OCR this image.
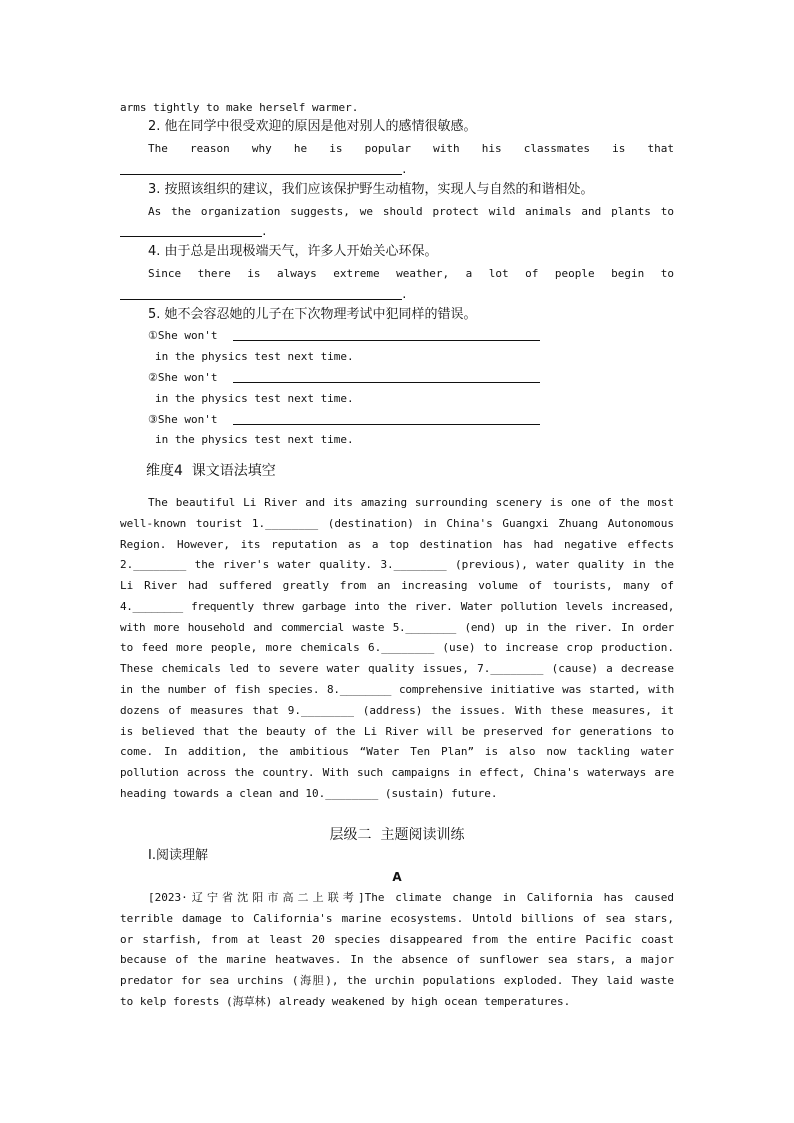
arms tightly to make herself warmer.
2. 他在同学中很受欢迎的原因是他对别人的感情很敏感。
The reason why he is popular with his classmates is that
.
3. 按照该组织的建议，我们应该保护野生动植物，实现人与自然的和谐相处。
As the organization suggests, we should protect wild animals and plants to
.
4. 由于总是出现极端天气，许多人开始关心环保。
Since there is always extreme weather, a lot of people begin to
.
5. 她不会容忍她的儿子在下次物理考试中犯同样的错误。
①She won't
in the physics test next time.
②She won't
in the physics test next time.
③She won't
in the physics test next time.
维度4  课文语法填空
The beautiful Li River and its amazing surrounding scenery is one of the most
well-known tourist 1.________ (destination) in China's Guangxi Zhuang Autonomous
Region. However, its reputation as a top destination has had negative effects
2.________ the river's water quality. 3.________ (previous), water quality in the
Li River had suffered greatly from an increasing volume of tourists, many of
4.________ frequently threw garbage into the river. Water pollution levels increased,
with more household and commercial waste 5.________ (end) up in the river. In order
to feed more people, more chemicals 6.________ (use) to increase crop production.
These chemicals led to severe water quality issues, 7.________ (cause) a decrease
in the number of fish species. 8.________ comprehensive initiative was started, with
dozens of measures that 9.________ (address) the issues. With these measures, it
is believed that the beauty of the Li River will be preserved for generations to
come. In addition, the ambitious “Water Ten Plan” is also now tackling water
pollution across the country. With such campaigns in effect, China's waterways are
heading towards a clean and 10.________ (sustain) future.
层级二  主题阅读训练
Ⅰ.阅读理解
A
[2023·辽宁省沈阳市高二上联考]The climate change in California has caused
terrible damage to California's marine ecosystems. Untold billions of sea stars,
or starfish, from at least 20 species disappeared from the entire Pacific coast
because of the marine heatwaves. In the absence of sunflower sea stars, a major
predator for sea urchins (海胆), the urchin populations exploded. They laid waste
to kelp forests (海草林) already weakened by high ocean temperatures.
